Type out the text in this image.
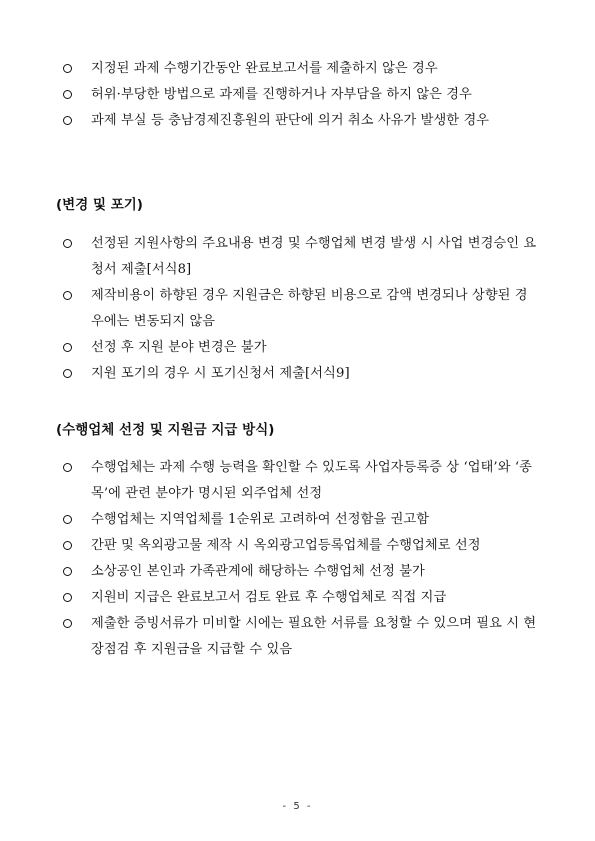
지정된 과제 수행기간동안 완료보고서를 제출하지 않은 경우
허위·부당한 방법으로 과제를 진행하거나 자부담을 하지 않은 경우
과제 부실 등 충남경제진흥원의 판단에 의거 취소 사유가 발생한 경우
(변경 및 포기)
선정된 지원사항의 주요내용 변경 및 수행업체 변경 발생 시 사업 변경승인 요청서 제출[서식8]
제작비용이 하향된 경우 지원금은 하향된 비용으로 감액 변경되나 상향된 경우에는 변동되지 않음
선정 후 지원 분야 변경은 불가
지원 포기의 경우 시 포기신청서 제출[서식9]
(수행업체 선정 및 지원금 지급 방식)
수행업체는 과제 수행 능력을 확인할 수 있도록 사업자등록증 상 ‘업태’와 ‘종목’에 관련 분야가 명시된 외주업체 선정
수행업체는 지역업체를 1순위로 고려하여 선정함을 권고함
간판 및 옥외광고물 제작 시 옥외광고업등록업체를 수행업체로 선정
소상공인 본인과 가족관계에 해당하는 수행업체 선정 불가
지원비 지급은 완료보고서 검토 완료 후 수행업체로 직접 지급
제출한 증빙서류가 미비할 시에는 필요한 서류를 요청할 수 있으며 필요 시 현장점검 후 지원금을 지급할 수 있음
- 5 -
